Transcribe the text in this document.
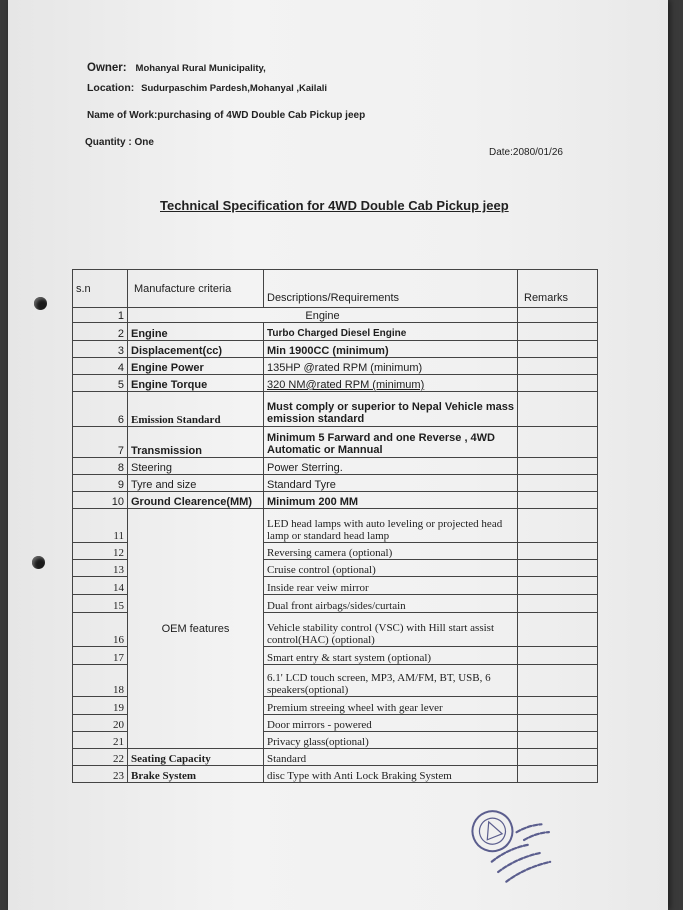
Owner: Mohanyal Rural Municipality,
Location: Sudurpaschim Pardesh,Mohanyal ,Kailali
Name of Work:purchasing of 4WD Double Cab Pickup jeep
Quantity : One
Date:2080/01/26
Technical Specification for 4WD Double Cab Pickup jeep
s.n	Manufacture criteria	Descriptions/Requirements	Remarks
1	Engine		
2	Engine	Turbo Charged Diesel Engine	
3	Displacement(cc)	Min 1900CC (minimum)	
4	Engine Power	135HP @rated RPM (minimum)	
5	Engine Torque	320 NM@rated RPM (minimum)	
6	Emission Standard	Must comply or superior to Nepal Vehicle mass emission standard	
7	Transmission	Minimum 5 Farward and one Reverse , 4WD Automatic or Mannual	
8	Steering	Power Sterring.	
9	Tyre and size	Standard Tyre	
10	Ground Clearence(MM)	Minimum 200 MM	
11	OEM features	LED head lamps with auto leveling or projected head lamp or standard head lamp	
12		Reversing camera (optional)	
13		Cruise control (optional)	
14		Inside rear veiw mirror	
15		Dual front airbags/sides/curtain	
16		Vehicle stability control (VSC) with Hill start assist control(HAC) (optional)	
17		Smart entry & start system (optional)	
18		6.1' LCD touch screen, MP3, AM/FM, BT, USB, 6 speakers(optional)	
19		Premium streeing wheel with gear lever	
20		Door mirrors - powered	
21		Privacy glass(optional)	
22	Seating Capacity	Standard	
23	Brake System	disc Type with Anti Lock Braking System	
